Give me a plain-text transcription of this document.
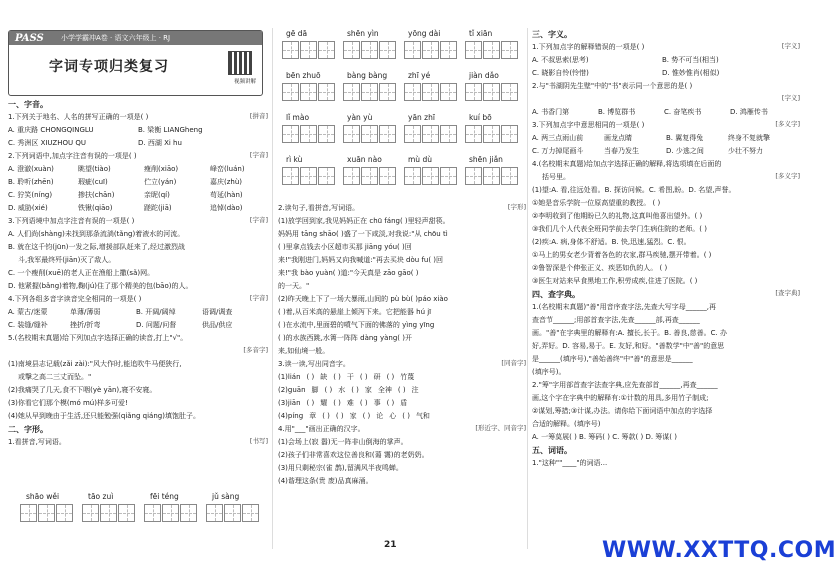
PASS 小学学霸冲A卷 · 语文六年级上 · RJ
字词专项归类复习
视频讲解
一、字音。
1.下列关于地名、人名的拼写正确的一项是( )	[拼音]
A. 重庆路 CHONGQINGLU	B. 梁衡 LIANGheng
C. 秀洲区 XIUZHOU QU	D. 西湖 Xi hu
2.下列词语中,加点字注音有误的一项是( )	[字音]
A. 澄澈(xuàn)	眺望(tiào)	瘦削(xiāo)	峰峦(luán)
B. 聆听(zhēn)	瑕疵(cuī)	伫立(yán)	嘉庆(zhù)
C. 狞笑(níng)	掺扶(chān)	亲昵(qí)	苟延(hàn)
D. 威胁(xié)	铁锹(qiāo)	蹉跎(jiā)	追悼(dào)
3.下列语境中加点字注音有误的一项是( )	[字音]
A. 人们尚(shàng)未找到那条流淌(tǎng)着液水的河流。
B. 就在这千钧(jūn)一发之际,增援部队赶来了,经过激烈战
斗,我军最终歼(jiān)灭了敌人。
C. 一个瘦削(xuē)的老人正在渔船上撒(sǎ)网。
D. 他紧握(bǎng)着物,鞠(jú)住了那个精美的包(bāo)的人。
4.下列各组多音字读音完全相同的一项是( )	[字音]
A. 蒙古/迷蒙	单薄/薄弱	B. 开阔/阔绰	语调/调查
C. 装缝/缝补	挫折/折弯	D. 问题/问督	供品/供应
5.(名校期末真题)给下列加点字选择正确的读音,打上"√"。
[多音字]
(1)南境县志记载(zǎi zài):"风大作时,能追吹牛马便狭行,
或撃之高二三丈而坠。"
(2)我痛哭了几天,食不下咽(yè yān),寝不安寝。
(3)你看它们那个模(mó mú)样多可爱!
(4)她从早到晚由于生活,还只能勉强(qiǎng qiáng)填饱肚子。
二、字形。
1.看拼音,写词语。	[书写]
shāo wěi	tāo zuì	fēi téng	jǔ sàng
gē dā	shēn yìn	yōng dài	tǐ xiān
bēn zhuō	bàng bàng	zhī yé	jiàn dǎo
lǐ mào	yàn yù	yān zhī	kuí bō
rì kù	xuān nào	mù dù	shēn jiǎn
2.读句子,看拼音,写词语。	[字形]
(1)放学回到家,我见妈妈正在 chū fáng( )里轻声甜筷。
妈妈用 tāng shāo( )盛了一下咸淡,对我说:"从 chōu tì
( )里拿点钱去小区超市买那 jiāng yóu( )回
来!"我刚进门,妈妈又向我喊道:"再去买块 dòu fu( )回
来!"我 bào yuàn( )道:"今天真是 zāo gāo( )
的一天。"
(2)昨天晚上下了一场大暴雨,山间的 pù bù( )páo xiào
( )着,从百米高的悬崖上倾泻下来。它把能器 hú jī
( )在水流中,里面碧的噴气下面的佛落的 yìng yīng
( )的水族西跳,水箐一阵阵 dàng yàng( )开
来,如仙境一般。
3.读一读,写出同音字。	[同音字]
(1)lián ( ) 缺 ( ) 干 ( ) 研 ( ) 竹蔑
(2)guān 脚 ( ) 水 ( ) 家 全神 ( ) 注
(3)jiān ( ) 耀 ( ) 难 ( ) 事 ( ) 盾
(4)píng 章 ( ) ( ) 家 ( ) 论 心 ( ) 气和
4.用"___"画出正确的汉字。	[形近字、同音字]
(1)会场上(寂 嚣)无一阵非山倒海的掌声。
(2)孩子们非常喜欢这位善良和(蔼 霭)的老奶奶。
(3)用只剩秘宗(雀 鹊),留满风半夜鸣蝉。
(4)谐理这条(贵 废)品真麻涌。
三、字义。
1.下列加点字的解释错误的一项是( )	[字义]
A. 不叔思索(思考)	B. 势不可当(相当)
C. 晓影自怜(怜惜)	D. 惟妙惟肖(相似)
2.与"书湖阴先生壁"中的"书"表示同一个意思的是( )
[字义]
A. 书香门第	B. 博览群书	C. 奋笔疾书	D. 鸿雁传书
3.下列加点字中意思相同的一项是( )	[多义字]
A. 两三点雨山前	画龙点睛	B. 翼复得兔	终身不复就擎
C. 万力掉尾画斗	当春乃发生	D. 少逃之间	少壮不努力
4.(名校期末真题)给加点字选择正确的解释,将选项填在后面的
括号里。	[多义字]
(1)望:A. 看,往远处看。B. 探访问候。C. 希图,盼。D. 名望,声誉。
①她是音乐学院一位原高望重的教授。 ( )
②李明收到了他期盼已久的礼物,这真叫他喜出望外。( )
③我们几个人代表全班同学前去学门生病住院的老师。( )
(2)疾:A. 病,身体不舒适。B. 快,迅速,猛烈。C. 恨。
①马上的男女老少背着各色的衣家,群马疾驰,摆开带着。( )
②鲁智深是个伸张正义、疾恶如仇的人。 ( )
③医生对站来早食黑地工作,积劳成疾,住进了医院。( )
四、查字典。	[查字典]
1.(名校期末真题)"善"用音序查字法,先查大写字母______,再
查音节______;用部首查字法,先查______部,再查______
画。"善"在字典里的解释有:A. 擅长,长于。B. 善良,慈善。C. 办
好,弄好。D. 容易,易于。E. 友好,和好。"善数学"中"善"的意思
是______(填序号),"善始善终"中"善"的意思是______
(填序号)。
2."筹"字用部首查字法查字典,应先查部首______,再查______
画,这个字在字典中的解释有:①计数的用具,多用竹子制成;
②谋划,筹措;③计谋,办法。请你给下面词语中加点的字选择
合适的解释。(填序号)
A. 一筹莫展( ) B. 筹码( ) C. 筹款( ) D. 筹谋( )
五、词语。
1."这种""____"的词语...
21	WWW.XXTTQ.COM
